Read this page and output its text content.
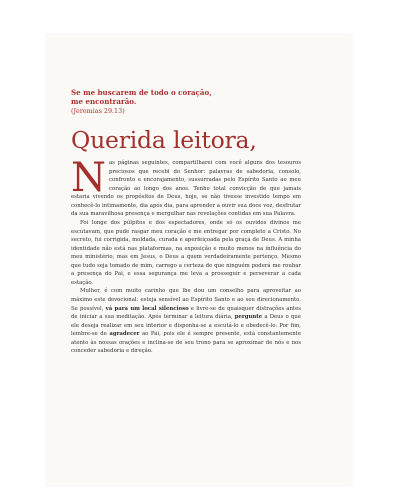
Se me buscarem de todo o coração,
me encontrarão.

(Jeremias 29.13)

Querida leitora,

Nas páginas seguintes, compartilharei com você alguns dos tesouros preciosos que recebi do Senhor: palavras de sabedoria, consolo, confronto e encorajamento, sussurradas pelo Espírito Santo ao meu coração ao longo dos anos. Tenho total convicção de que jamais estaria vivendo os propósitos de Deus, hoje, se não tivesse investido tempo em conhecê-lo intimamente, dia após dia, para aprender a ouvir sua doce voz, desfrutar da sua maravilhosa presença e mergulhar nas revelações contidas em sua Palavra.

Foi longe dos púlpitos e dos espectadores, onde só os ouvidos divinos me escutavam, que pude rasgar meu coração e me entregar por completo a Cristo. No secreto, fui corrigida, moldada, curada e aperfeiçoada pela graça de Deus. A minha identidade não está nas plataformas, na exposição e muito menos na influência do meu ministério, mas em Jesus, o Deus a quem verdadeiramente pertenço. Mesmo que tudo seja tomado de mim, carrego a certeza de que ninguém poderá me roubar a presença do Pai, e essa segurança me leva a prosseguir e perseverar a cada estação.

Mulher, é com muito carinho que lhe dou um conselho para aproveitar ao máximo este devocional: esteja sensível ao Espírito Santo e ao seu direcionamento. Se possível, vá para um local silencioso e livre-se de quaisquer distrações antes de iniciar a sua meditação. Após terminar a leitura diária, pergunte a Deus o que ele deseja realizar em seu interior e disponha-se a escutá-lo e obedecê-lo. Por fim, lembre-se de agradecer ao Pai, pois ele é sempre presente, está constantemente atento às nossas orações e inclina-se de seu trono para se aproximar de nós e nos conceder sabedoria e direção.
